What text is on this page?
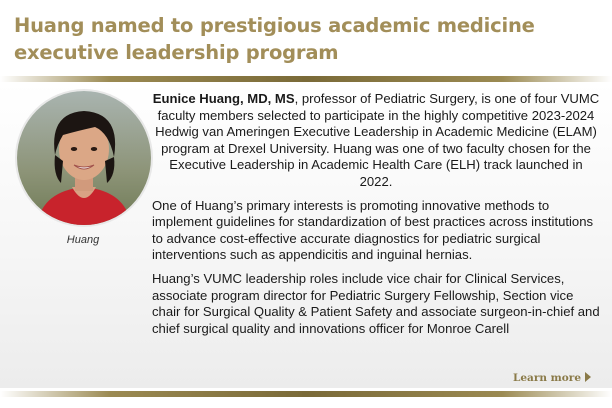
Huang named to prestigious academic medicine
executive leadership program
Huang

Eunice Huang, MD, MS, professor of Pediatric Surgery, is one of four VUMC faculty members selected to participate in the highly competitive 2023-2024 Hedwig van Ameringen Executive Leadership in Academic Medicine (ELAM) program at Drexel University. Huang was one of two faculty chosen for the Executive Leadership in Academic Health Care (ELH) track launched in 2022.

One of Huang’s primary interests is promoting innovative methods to implement guidelines for standardization of best practices across institutions to advance cost-effective accurate diagnostics for pediatric surgical interventions such as appendicitis and inguinal hernias.

Huang’s VUMC leadership roles include vice chair for Clinical Services, associate program director for Pediatric Surgery Fellowship, Section vice chair for Surgical Quality & Patient Safety and associate surgeon-in-chief and chief surgical quality and innovations officer for Monroe Carell

Learn more
